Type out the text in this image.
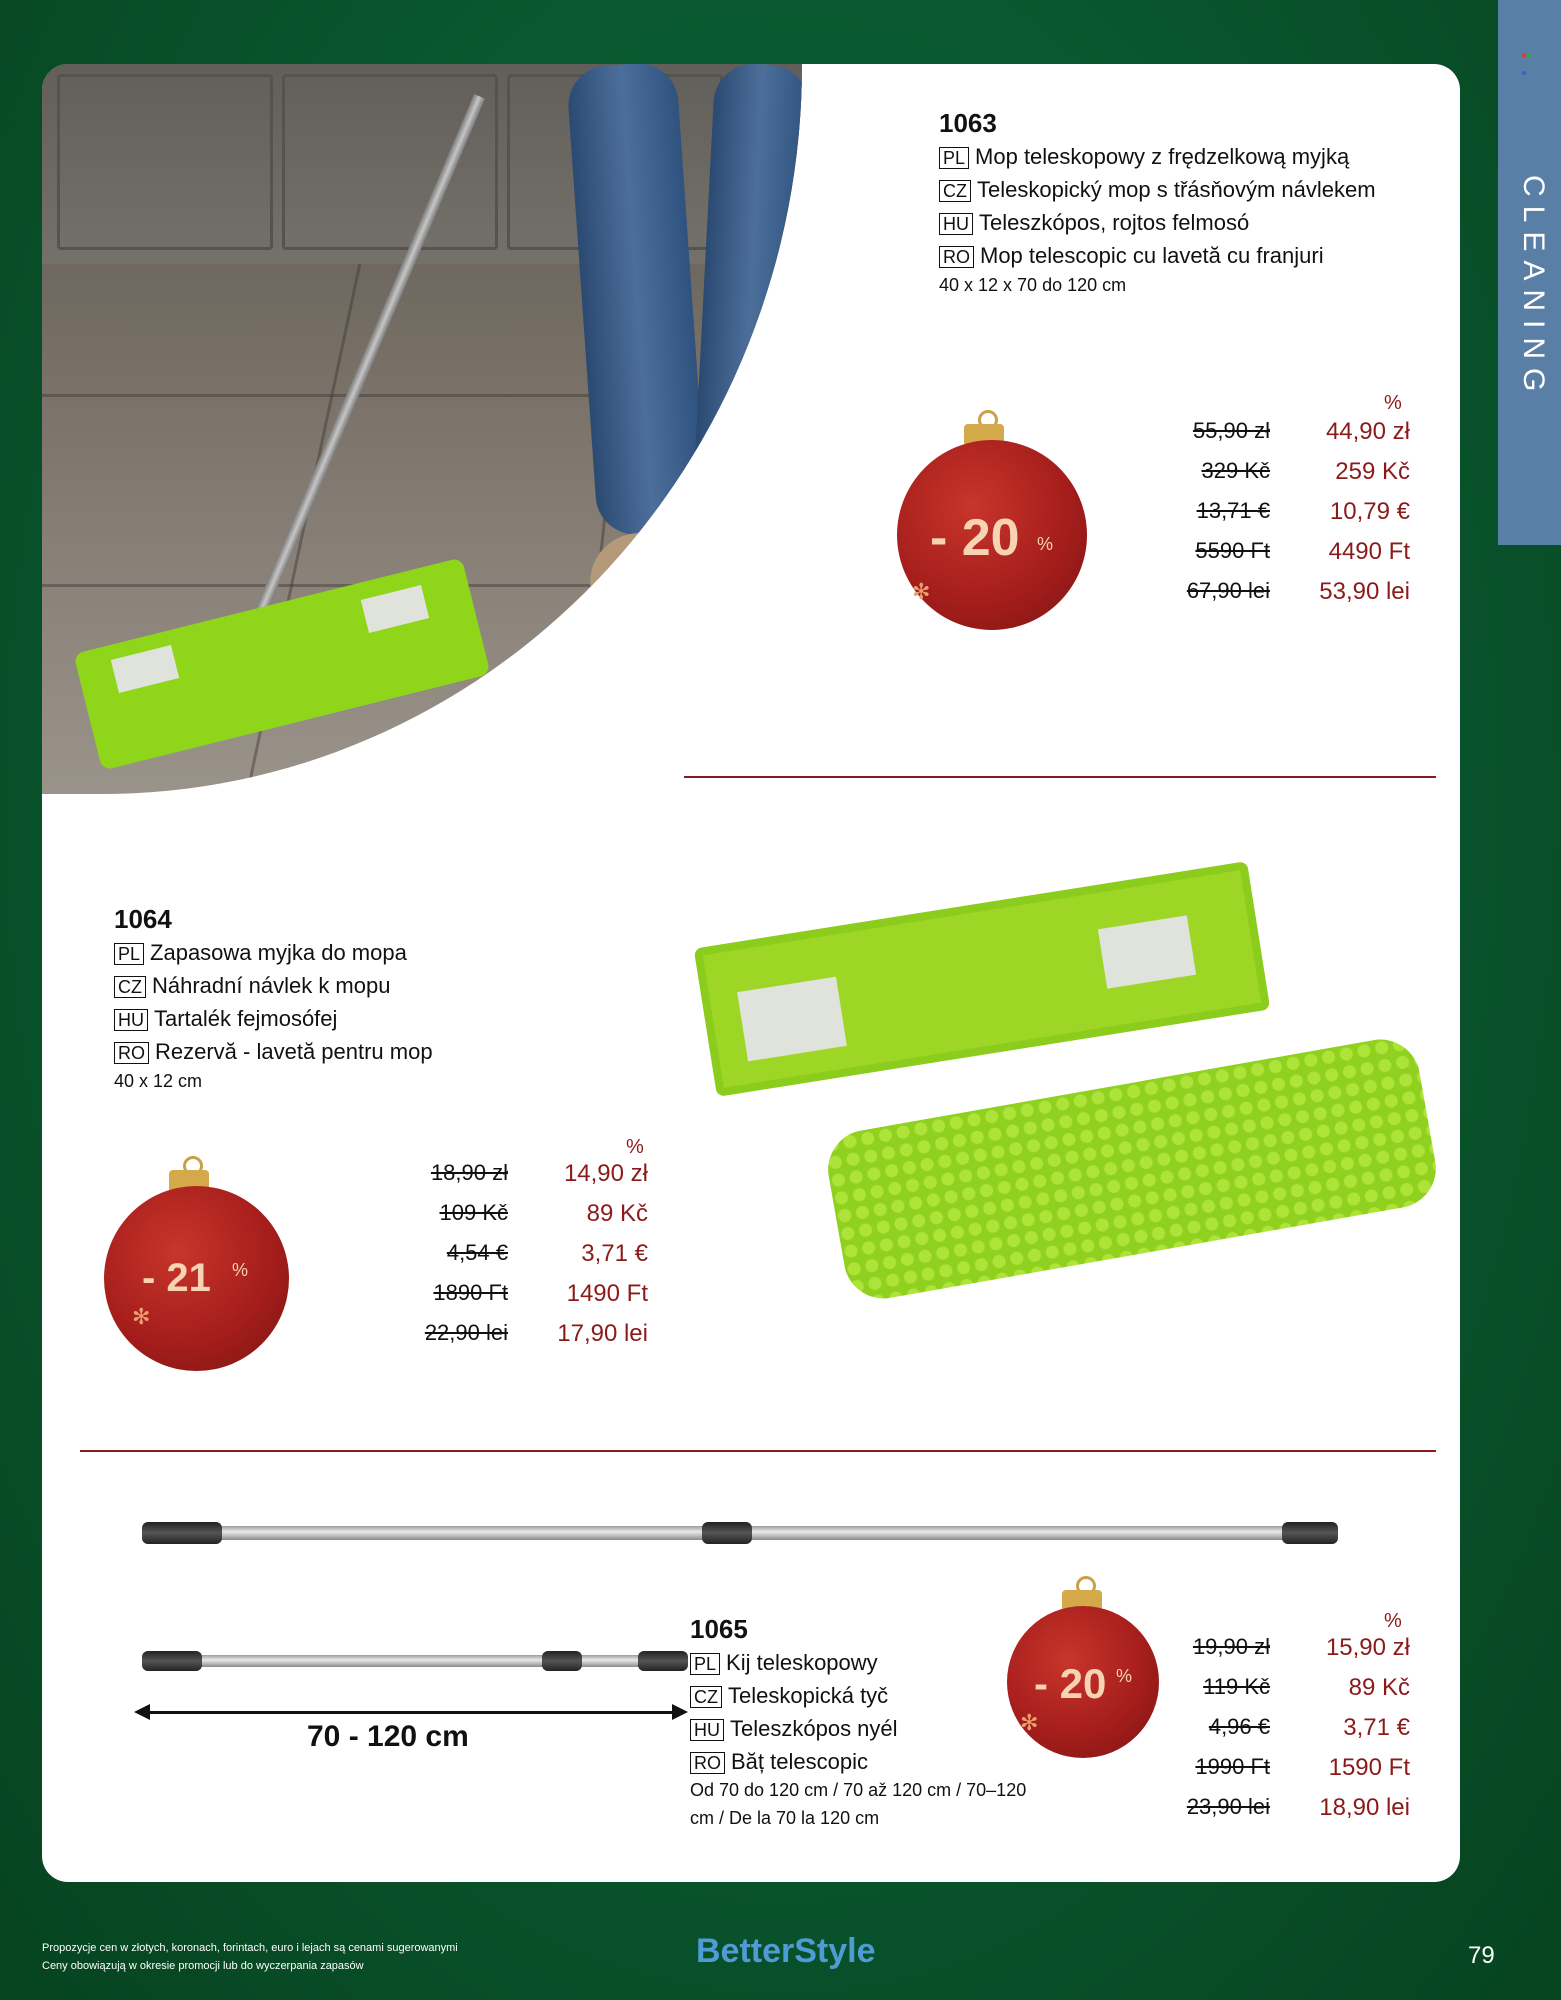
CLEANING
1063
PL Mop teleskopowy z frędzelkową myjką
CZ Teleskopický mop s třásňovým návlekem
HU Teleszkópos, rojtos felmosó
RO Mop telescopic cu lavetă cu franjuri
40 x 12 x 70 do 120 cm
- 20 %
✻
%
55,90 zł 44,90 zł
329 Kč	259 Kč
13,71 € 10,79 €
5590 Ft 4490 Ft
67,90 lei 53,90 lei
1064
PL Zapasowa myjka do mopa
CZ Náhradní návlek k mopu
HU Tartalék fejmosófej
RO Rezervă - lavetă pentru mop
40 x 12 cm
- 21 %
✻
%
18,90 zł 14,90 zł
109 Kč	89 Kč
4,54 €	3,71 €
1890 Ft 1490 Ft
22,90 lei 17,90 lei
70 - 120 cm
1065
PL Kij teleskopowy
CZ Teleskopická tyč
HU Teleszkópos nyél
RO Băț telescopic
Od 70 do 120 cm / 70 až 120 cm / 70–120
cm / De la 70 la 120 cm
- 20 %
✻
%
19,90 zł 15,90 zł
119 Kč	89 Kč
4,96 €	3,71 €
1990 Ft 1590 Ft
23,90 lei 18,90 lei
Propozycje cen w złotych, koronach, forintach, euro i lejach są cenami sugerowanymi
Ceny obowiązują w okresie promocji lub do wyczerpania zapasów	BetterStyle	79
